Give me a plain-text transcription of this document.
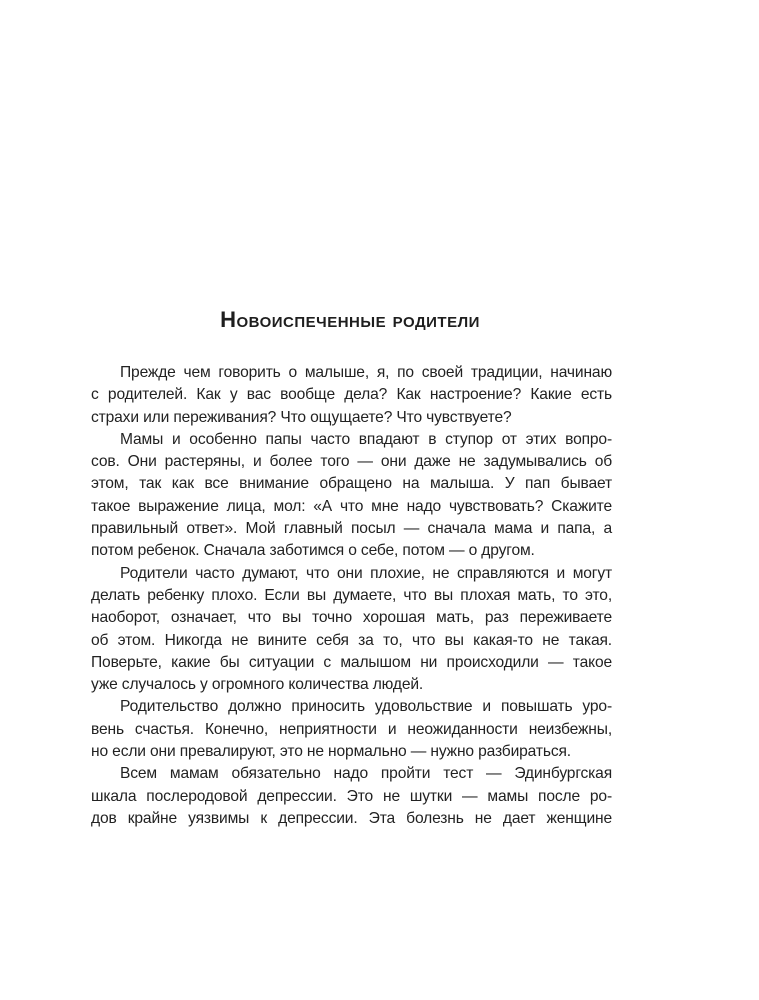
Новоиспеченные родители
Прежде чем говорить о малыше, я, по своей традиции, начинаю
с родителей. Как у вас вообще дела? Как настроение? Какие есть
страхи или переживания? Что ощущаете? Что чувствуете?
Мамы и особенно папы часто впадают в ступор от этих вопро-
сов. Они растеряны, и более того — они даже не задумывались об
этом, так как все внимание обращено на малыша. У пап бывает
такое выражение лица, мол: «А что мне надо чувствовать? Скажите
правильный ответ». Мой главный посыл — сначала мама и папа, а
потом ребенок. Сначала заботимся о себе, потом — о другом.
Родители часто думают, что они плохие, не справляются и могут
делать ребенку плохо. Если вы думаете, что вы плохая мать, то это,
наоборот, означает, что вы точно хорошая мать, раз переживаете
об этом. Никогда не вините себя за то, что вы какая-то не такая.
Поверьте, какие бы ситуации с малышом ни происходили — такое
уже случалось у огромного количества людей.
Родительство должно приносить удовольствие и повышать уро-
вень счастья. Конечно, неприятности и неожиданности неизбежны,
но если они превалируют, это не нормально — нужно разбираться.
Всем мамам обязательно надо пройти тест — Эдинбургская
шкала послеродовой депрессии. Это не шутки — мамы после ро-
дов крайне уязвимы к депрессии. Эта болезнь не дает женщине
